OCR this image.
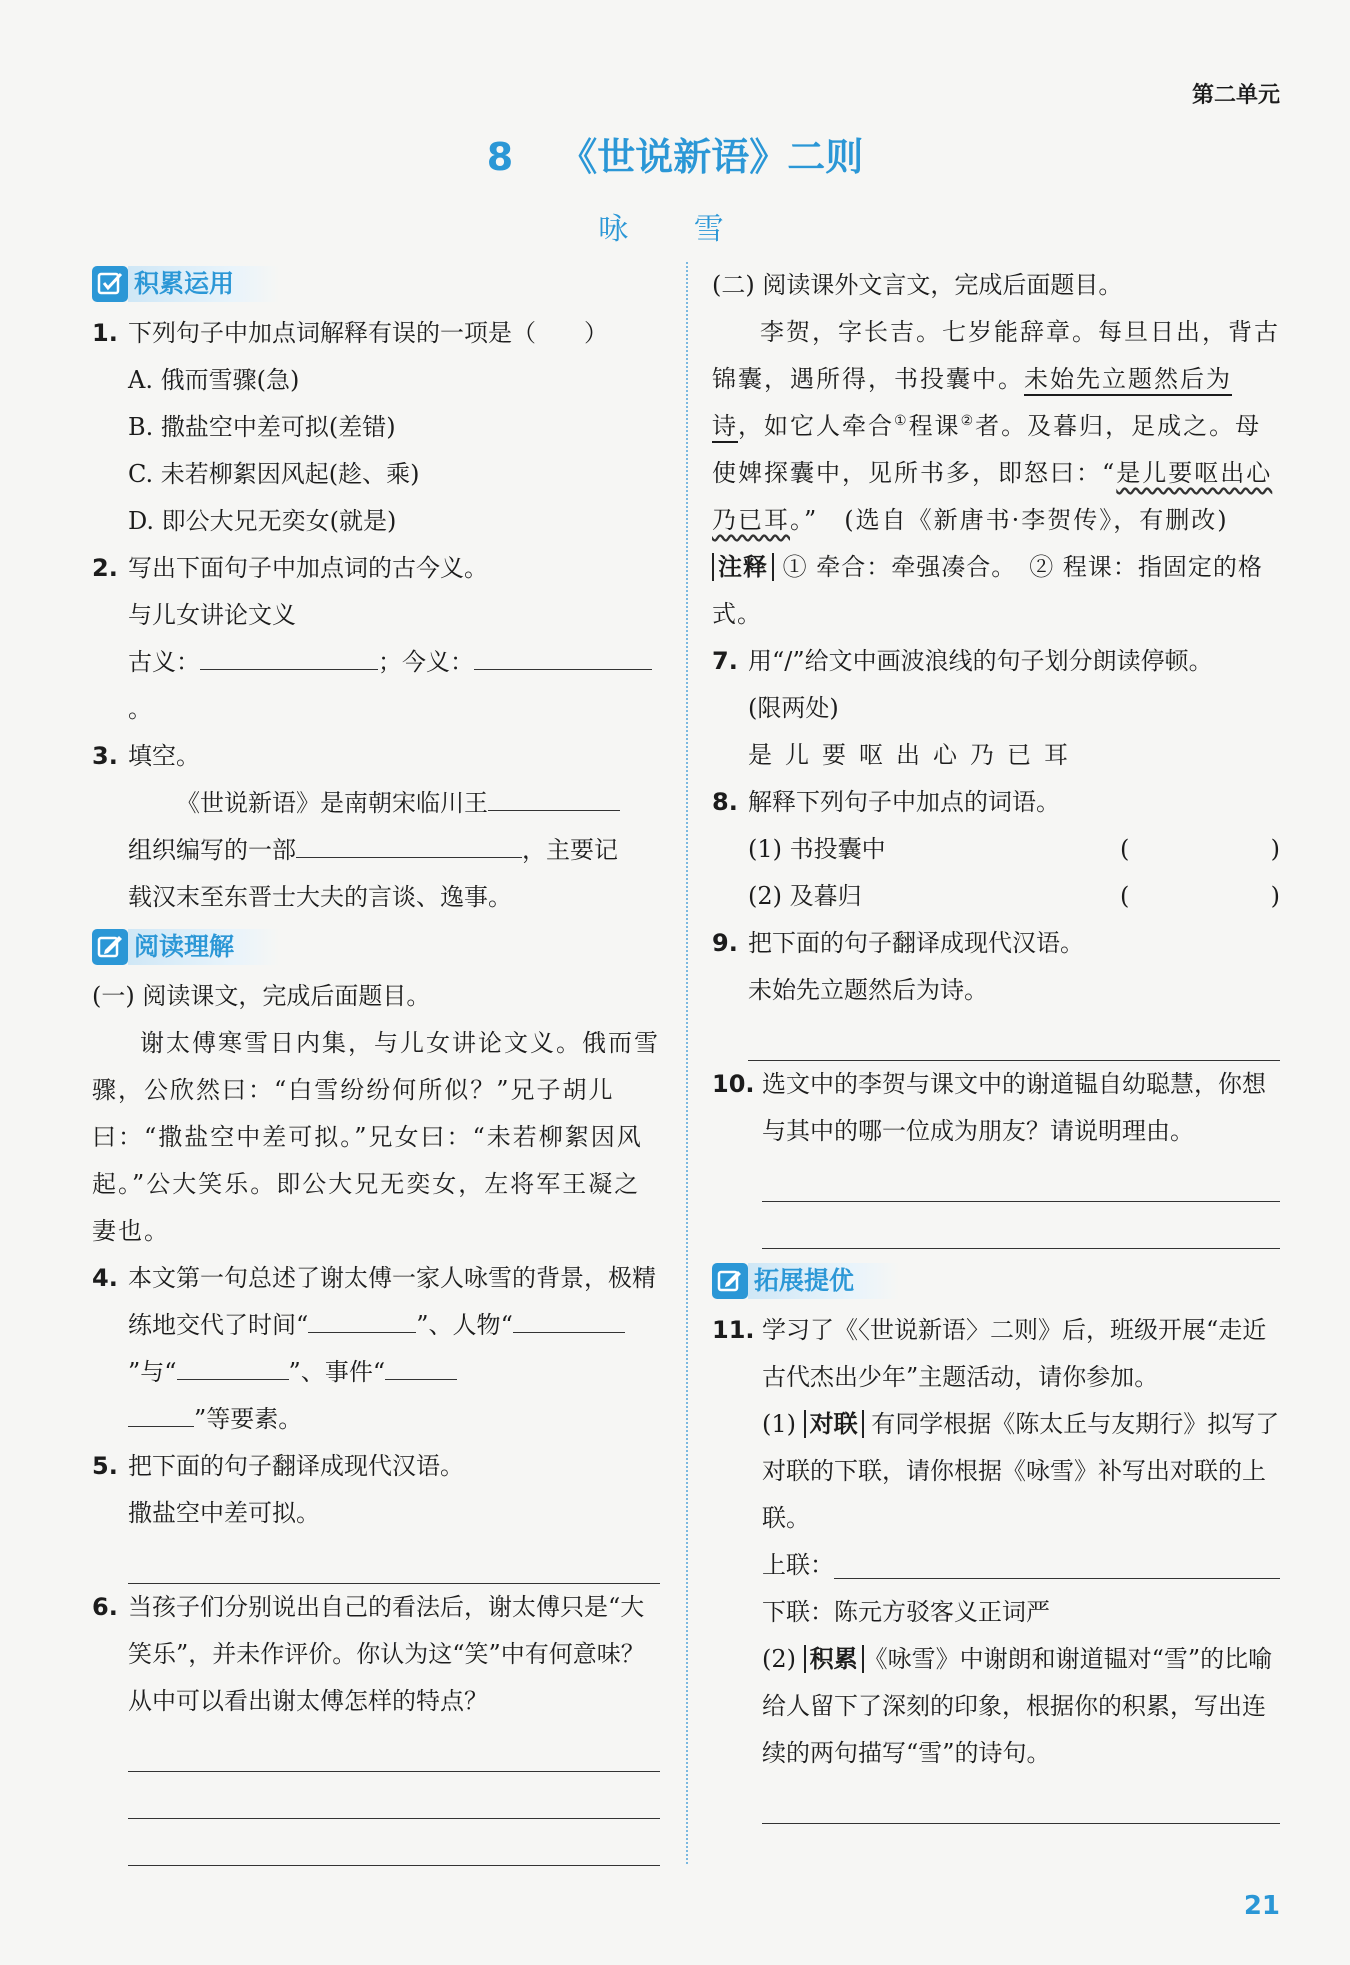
第二单元
8 《世说新语》二则
咏 雪
积累运用
1. 下列句子中加点词解释有误的一项是（　　）
A. 俄而雪骤(急)
B. 撒盐空中差可拟(差错)
C. 未若柳絮因风起(趁、乘)
D. 即公大兄无奕女(就是)
2. 写出下面句子中加点词的古今义。
与儿女讲论文义
古义：	；今义：。
3. 填空。
《世说新语》是南朝宋临川王
组织编写的一部	，主要记
载汉末至东晋士大夫的言谈、逸事。
阅读理解
(一) 阅读课文，完成后面题目。
谢太傅寒雪日内集，与儿女讲论文义。俄而雪骤，公欣然曰：“白雪纷纷何所似？”兄子胡儿曰：“撒盐空中差可拟。”兄女曰：“未若柳絮因风起。”公大笑乐。即公大兄无奕女，左将军王凝之妻也。
4. 本文第一句总述了谢太傅一家人咏雪的背景，极精练地交代了时间“	”、人物“”与“	”、事件“
”等要素。
5. 把下面的句子翻译成现代汉语。
撒盐空中差可拟。
6. 当孩子们分别说出自己的看法后，谢太傅只是“大笑乐”，并未作评价。你认为这“笑”中有何意味？从中可以看出谢太傅怎样的特点？
(二) 阅读课外文言文，完成后面题目。
李贺，字长吉。七岁能辞章。每旦日出，背古锦囊，遇所得，书投囊中。未始先立题然后为诗，如它人牵合①程课②者。及暮归，足成之。母使婢探囊中，见所书多，即怒曰：“是儿要呕出心乃已耳。”　 (选自《新唐书·李贺传》，有删改)
注释 ① 牵合：牵强凑合。　② 程课：指固定的格式。
7. 用“/”给文中画波浪线的句子划分朗读停顿。
(限两处)
是儿要呕出心乃已耳
8. 解释下列句子中加点的词语。
(1) 书投囊中	(	)
(2) 及暮归	(	)
9. 把下面的句子翻译成现代汉语。
未始先立题然后为诗。
10. 选文中的李贺与课文中的谢道韫自幼聪慧，你想与其中的哪一位成为朋友？请说明理由。
拓展提优
11. 学习了《〈世说新语〉二则》后，班级开展“走近古代杰出少年”主题活动，请你参加。
(1) 对联 有同学根据《陈太丘与友期行》拟写了对联的下联，请你根据《咏雪》补写出对联的上联。
上联：
下联：陈元方驳客义正词严
(2) 积累 《咏雪》中谢朗和谢道韫对“雪”的比喻给人留下了深刻的印象，根据你的积累，写出连续的两句描写“雪”的诗句。
21
